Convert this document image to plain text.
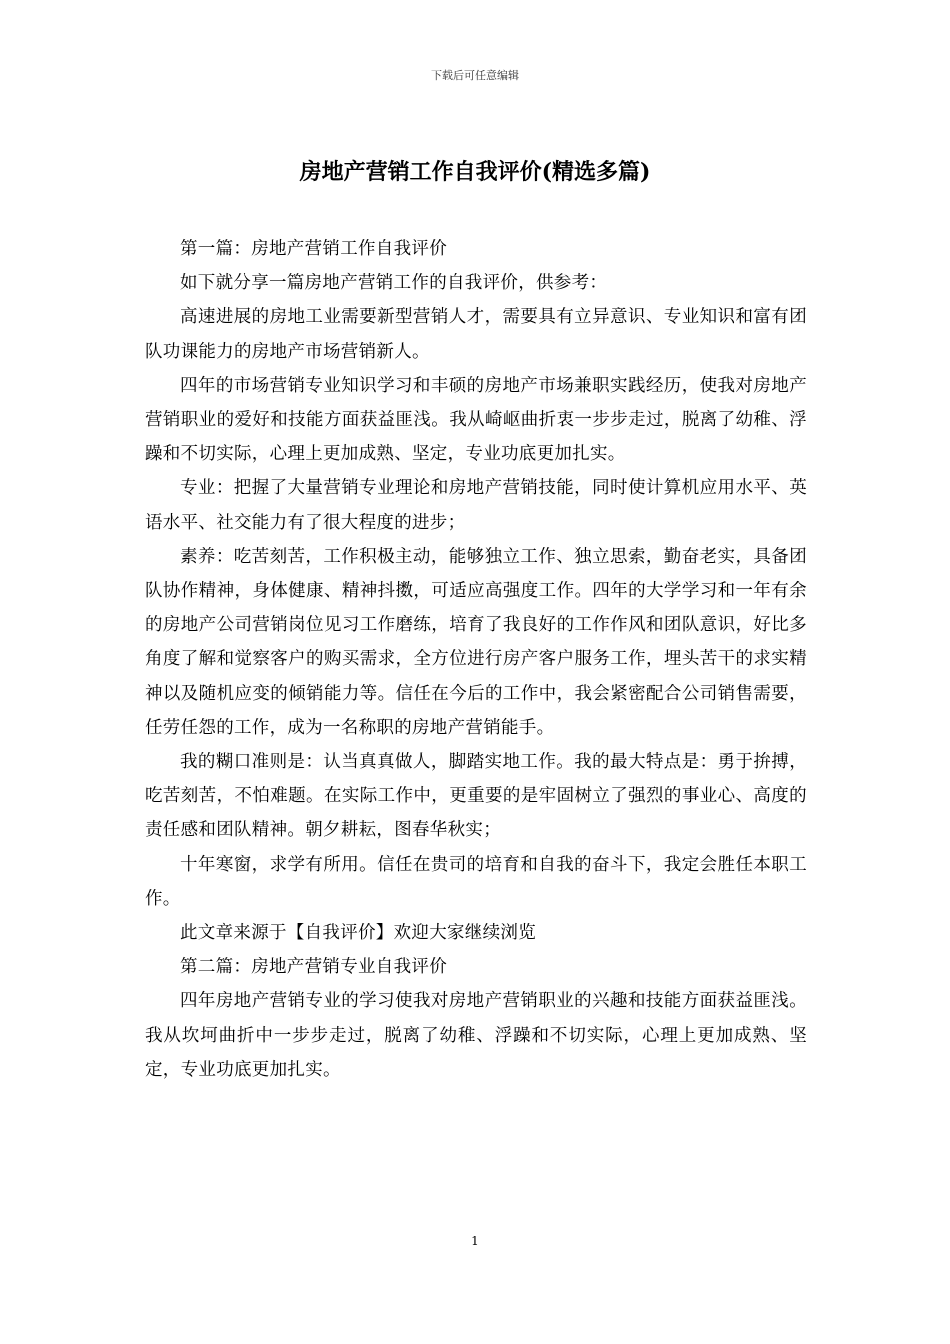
下载后可任意编辑
房地产营销工作自我评价(精选多篇)

第一篇：房地产营销工作自我评价

如下就分享一篇房地产营销工作的自我评价，供参考：

高速进展的房地工业需要新型营销人才，需要具有立异意识、专业知识和富有团队功课能力的房地产市场营销新人。

四年的市场营销专业知识学习和丰硕的房地产市场兼职实践经历，使我对房地产营销职业的爱好和技能方面获益匪浅。我从崎岖曲折衷一步步走过，脱离了幼稚、浮躁和不切实际，心理上更加成熟、坚定，专业功底更加扎实。

专业：把握了大量营销专业理论和房地产营销技能，同时使计算机应用水平、英语水平、社交能力有了很大程度的进步；

素养：吃苦刻苦，工作积极主动，能够独立工作、独立思索，勤奋老实，具备团队协作精神，身体健康、精神抖擞，可适应高强度工作。四年的大学学习和一年有余的房地产公司营销岗位见习工作磨练，培育了我良好的工作作风和团队意识，好比多角度了解和觉察客户的购买需求，全方位进行房产客户服务工作，埋头苦干的求实精神以及随机应变的倾销能力等。信任在今后的工作中，我会紧密配合公司销售需要，任劳任怨的工作，成为一名称职的房地产营销能手。

我的糊口准则是：认当真真做人，脚踏实地工作。我的最大特点是：勇于拚搏，吃苦刻苦，不怕难题。在实际工作中，更重要的是牢固树立了强烈的事业心、高度的责任感和团队精神。朝夕耕耘，图春华秋实；

十年寒窗，求学有所用。信任在贵司的培育和自我的奋斗下，我定会胜任本职工作。

此文章来源于【自我评价】欢迎大家继续浏览

第二篇：房地产营销专业自我评价

四年房地产营销专业的学习使我对房地产营销职业的兴趣和技能方面获益匪浅。我从坎坷曲折中一步步走过，脱离了幼稚、浮躁和不切实际，心理上更加成熟、坚定，专业功底更加扎实。

1
